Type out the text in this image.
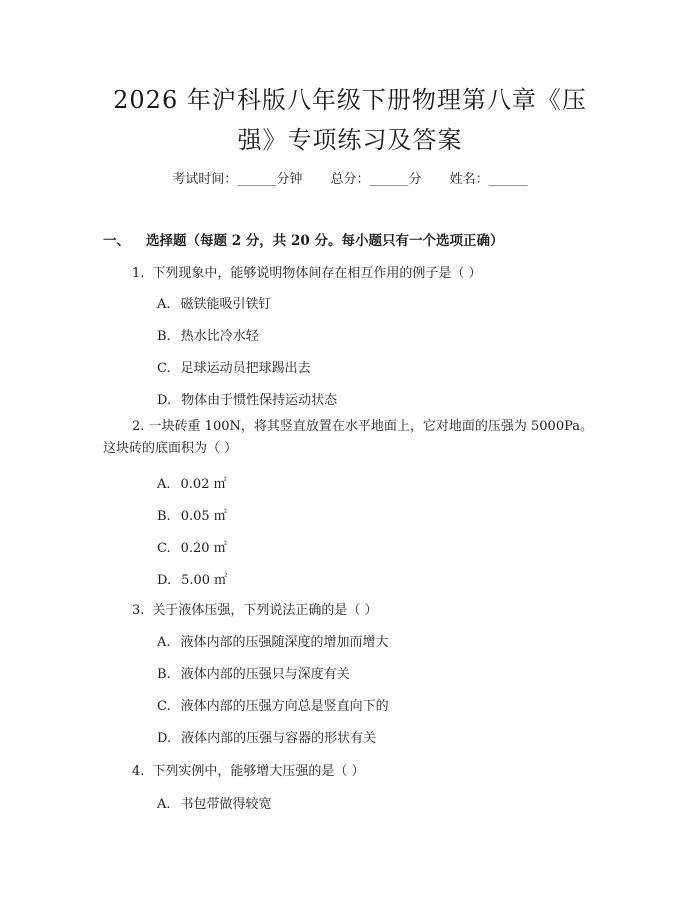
2026 年沪科版八年级下册物理第八章《压
强》专项练习及答案
考试时间：______分钟 总分：______分 姓名：______
一、 选择题（每题 2 分，共 20 分。每小题只有一个选项正确）
1. 下列现象中，能够说明物体间存在相互作用的例子是（ ）
A. 磁铁能吸引铁钉
B. 热水比冷水轻
C. 足球运动员把球踢出去
D. 物体由于惯性保持运动状态
2. 一块砖重 100N，将其竖直放置在水平地面上，它对地面的压强为 5000Pa。
这块砖的底面积为（ ）
A. 0.02 ㎡
B. 0.05 ㎡
C. 0.20 ㎡
D. 5.00 ㎡
3. 关于液体压强，下列说法正确的是（ ）
A. 液体内部的压强随深度的增加而增大
B. 液体内部的压强只与深度有关
C. 液体内部的压强方向总是竖直向下的
D. 液体内部的压强与容器的形状有关
4. 下列实例中，能够增大压强的是（ ）
A. 书包带做得较宽
